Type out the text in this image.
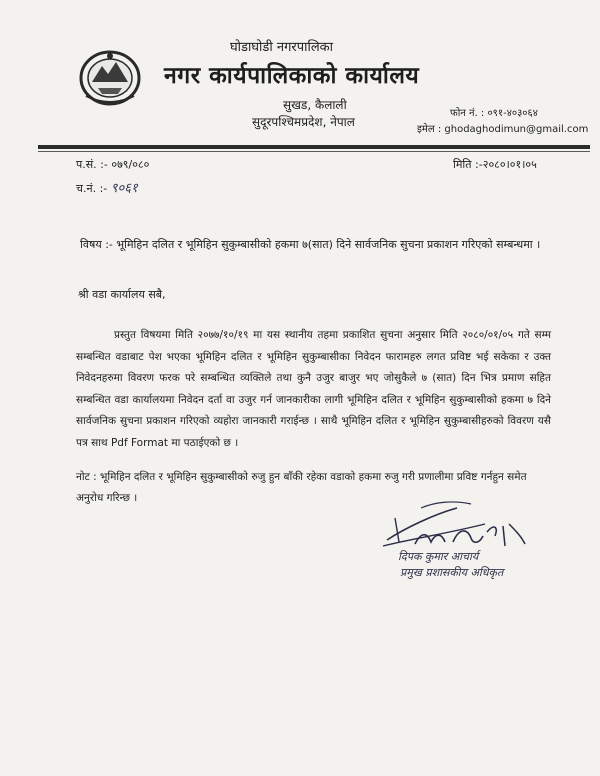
घोडाघोडी नगरपालिका
नगर कार्यपालिकाको कार्यालय
सुखड, कैलाली
सुदूरपश्चिमप्रदेश, नेपाल
फोन नं. : ०९१-४०३०६४
इमेल : ghodaghodimun@gmail.com
प.सं. :- ०७९/०८०
च.नं. :- ९०६१
मिति :-२०८०।०१।०५
विषय :- भूमिहिन दलित र भूमिहिन सुकुम्बासीको हकमा ७(सात) दिने सार्वजनिक सुचना प्रकाशन गरिएको सम्बन्धमा ।
श्री वडा कार्यालय सबै,
प्रस्तुत विषयमा मिति २०७७/१०/१९ मा यस स्थानीय तहमा प्रकाशित सुचना अनुसार मिति २०८०/०१/०५ गते सम्म सम्बन्धित वडाबाट पेश भएका भूमिहिन दलित र भूमिहिन सुकुम्बासीका निवेदन फारामहरु लगत प्रविष्ट भई सकेका र उक्त निवेदनहरुमा विवरण फरक परे सम्बन्धित व्यक्तिले तथा कुनै उजुर बाजुर भए जोसुकैले ७ (सात) दिन भित्र प्रमाण सहित सम्बन्धित वडा कार्यालयमा निवेदन दर्ता वा उजुर गर्न जानकारीका लागी भूमिहिन दलित र भूमिहिन सुकुम्बासीको हकमा ७ दिने सार्वजनिक सुचना प्रकाशन गरिएको व्यहोरा जानकारी गराईन्छ । साथै भूमिहिन दलित र भूमिहिन सुकुम्बासीहरुको विवरण यसै पत्र साथ Pdf Format मा पठाईएको छ ।
नोट : भूमिहिन दलित र भूमिहिन सुकुम्बासीको रुजु हुन बाँकी रहेका वडाको हकमा रुजु गरी प्रणालीमा प्रविष्ट गर्नहुन समेत अनुरोध गरिन्छ ।
दिपक कुमार आचार्य
प्रमुख प्रशासकीय अधिकृत
